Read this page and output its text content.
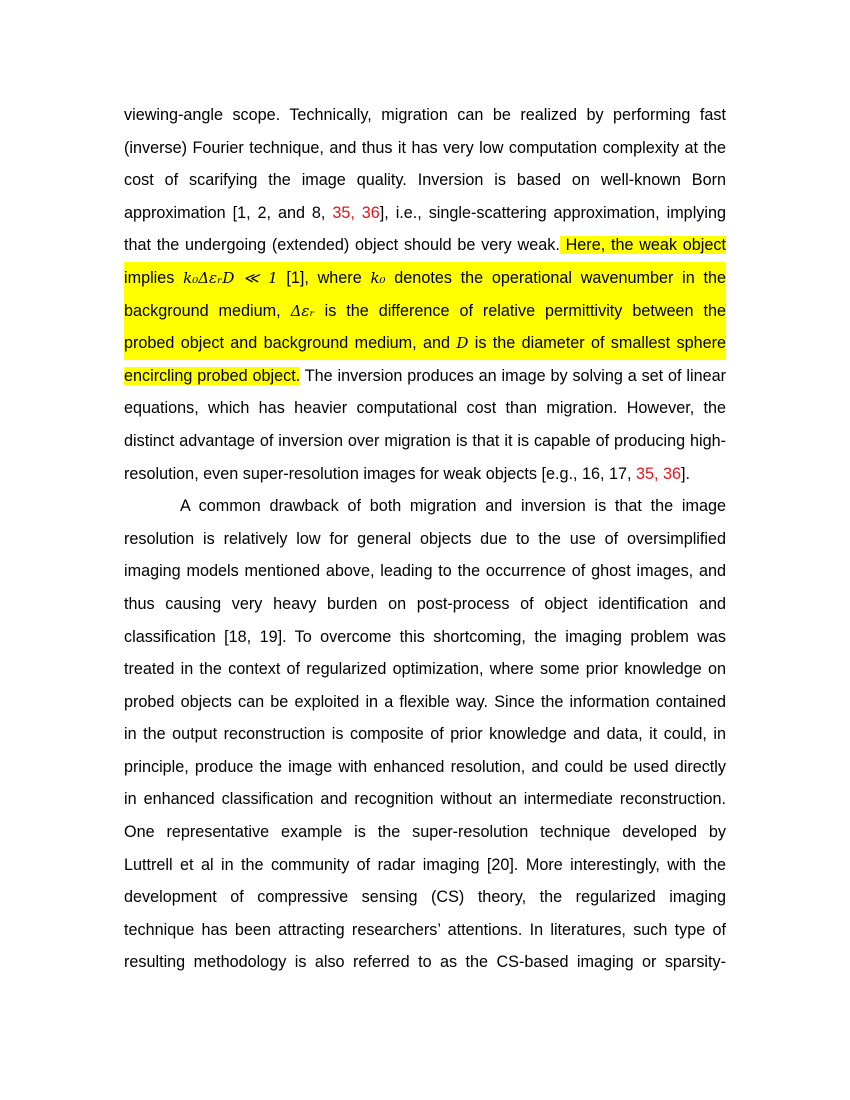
viewing-angle scope. Technically, migration can be realized by performing fast
(inverse) Fourier technique, and thus it has very low computation complexity at the
cost of scarifying the image quality. Inversion is based on well-known Born
approximation [1, 2, and 8, 35, 36], i.e., single-scattering approximation, implying
that the undergoing (extended) object should be very weak. Here, the weak object
implies k₀ΔεᵣD ≪ 1 [1], where k₀ denotes the operational wavenumber in the
background medium, Δεᵣ is the difference of relative permittivity between the
probed object and background medium, and D is the diameter of smallest sphere
encircling probed object. The inversion produces an image by solving a set of linear
equations, which has heavier computational cost than migration. However, the
distinct advantage of inversion over migration is that it is capable of producing high-
resolution, even super-resolution images for weak objects [e.g., 16, 17, 35, 36].
A common drawback of both migration and inversion is that the image
resolution is relatively low for general objects due to the use of oversimplified
imaging models mentioned above, leading to the occurrence of ghost images, and
thus causing very heavy burden on post-process of object identification and
classification [18, 19]. To overcome this shortcoming, the imaging problem was
treated in the context of regularized optimization, where some prior knowledge on
probed objects can be exploited in a flexible way. Since the information contained
in the output reconstruction is composite of prior knowledge and data, it could, in
principle, produce the image with enhanced resolution, and could be used directly
in enhanced classification and recognition without an intermediate reconstruction.
One representative example is the super-resolution technique developed by
Luttrell et al in the community of radar imaging [20]. More interestingly, with the
development of compressive sensing (CS) theory, the regularized imaging
technique has been attracting researchers’ attentions. In literatures, such type of
resulting methodology is also referred to as the CS-based imaging or sparsity-
